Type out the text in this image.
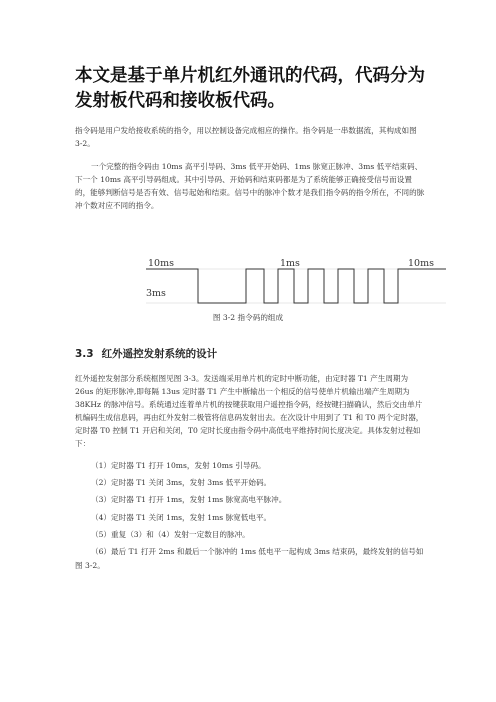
本文是基于单片机红外通讯的代码，代码分为发射板代码和接收板代码。

指令码是用户发给接收系统的指令，用以控制设备完成相应的操作。指令码是一串数据流，其构成如图 3-2。

一个完整的指令码由 10ms 高平引导码、3ms 低平开始码、1ms 脉宽正脉冲、3ms 低平结束码、下一个 10ms 高平引导码组成。其中引导码、开始码和结束码都是为了系统能够正确接受信号而设置的，能够判断信号是否有效、信号起始和结束。信号中的脉冲个数才是我们指令码的指令所在，不同的脉冲个数对应不同的指令。

10ms	1ms	10ms
3ms
图 3-2 指令码的组成
3.3 红外遥控发射系统的设计

红外遥控发射部分系统框图见图 3-3。发送端采用单片机的定时中断功能，由定时器 T1 产生周期为 26us 的矩形脉冲,即每隔 13us 定时器 T1 产生中断输出一个相反的信号使单片机输出端产生周期为 38KHz 的脉冲信号。系统通过连着单片机的按键获取用户遥控指令码，经按键扫描确认，然后交由单片机编码生成信息码，再由红外发射二极管将信息码发射出去。在次设计中用到了 T1 和 T0 两个定时器，定时器 T0 控制 T1 开启和关闭，T0 定时长度由指令码中高低电平维持时间长度决定。具体发射过程如下：

（1）定时器 T1 打开 10ms，发射 10ms 引导码。
（2）定时器 T1 关闭 3ms，发射 3ms 低平开始码。
（3）定时器 T1 打开 1ms，发射 1ms 脉宽高电平脉冲。
（4）定时器 T1 关闭 1ms，发射 1ms 脉宽低电平。
（5）重复（3）和（4）发射一定数目的脉冲。
（6）最后 T1 打开 2ms 和最后一个脉冲的 1ms 低电平一起构成 3ms 结束码，最终发射的信号如图 3-2。
